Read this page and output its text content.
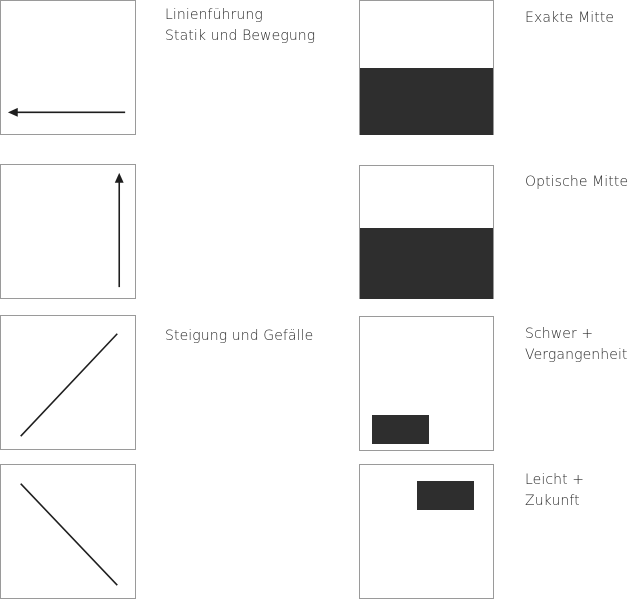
Linienführung
Statik und Bewegung
Steigung und Gefälle
Exakte Mitte
Optische Mitte
Schwer +
Vergangenheit
Leicht +
Zukunft
